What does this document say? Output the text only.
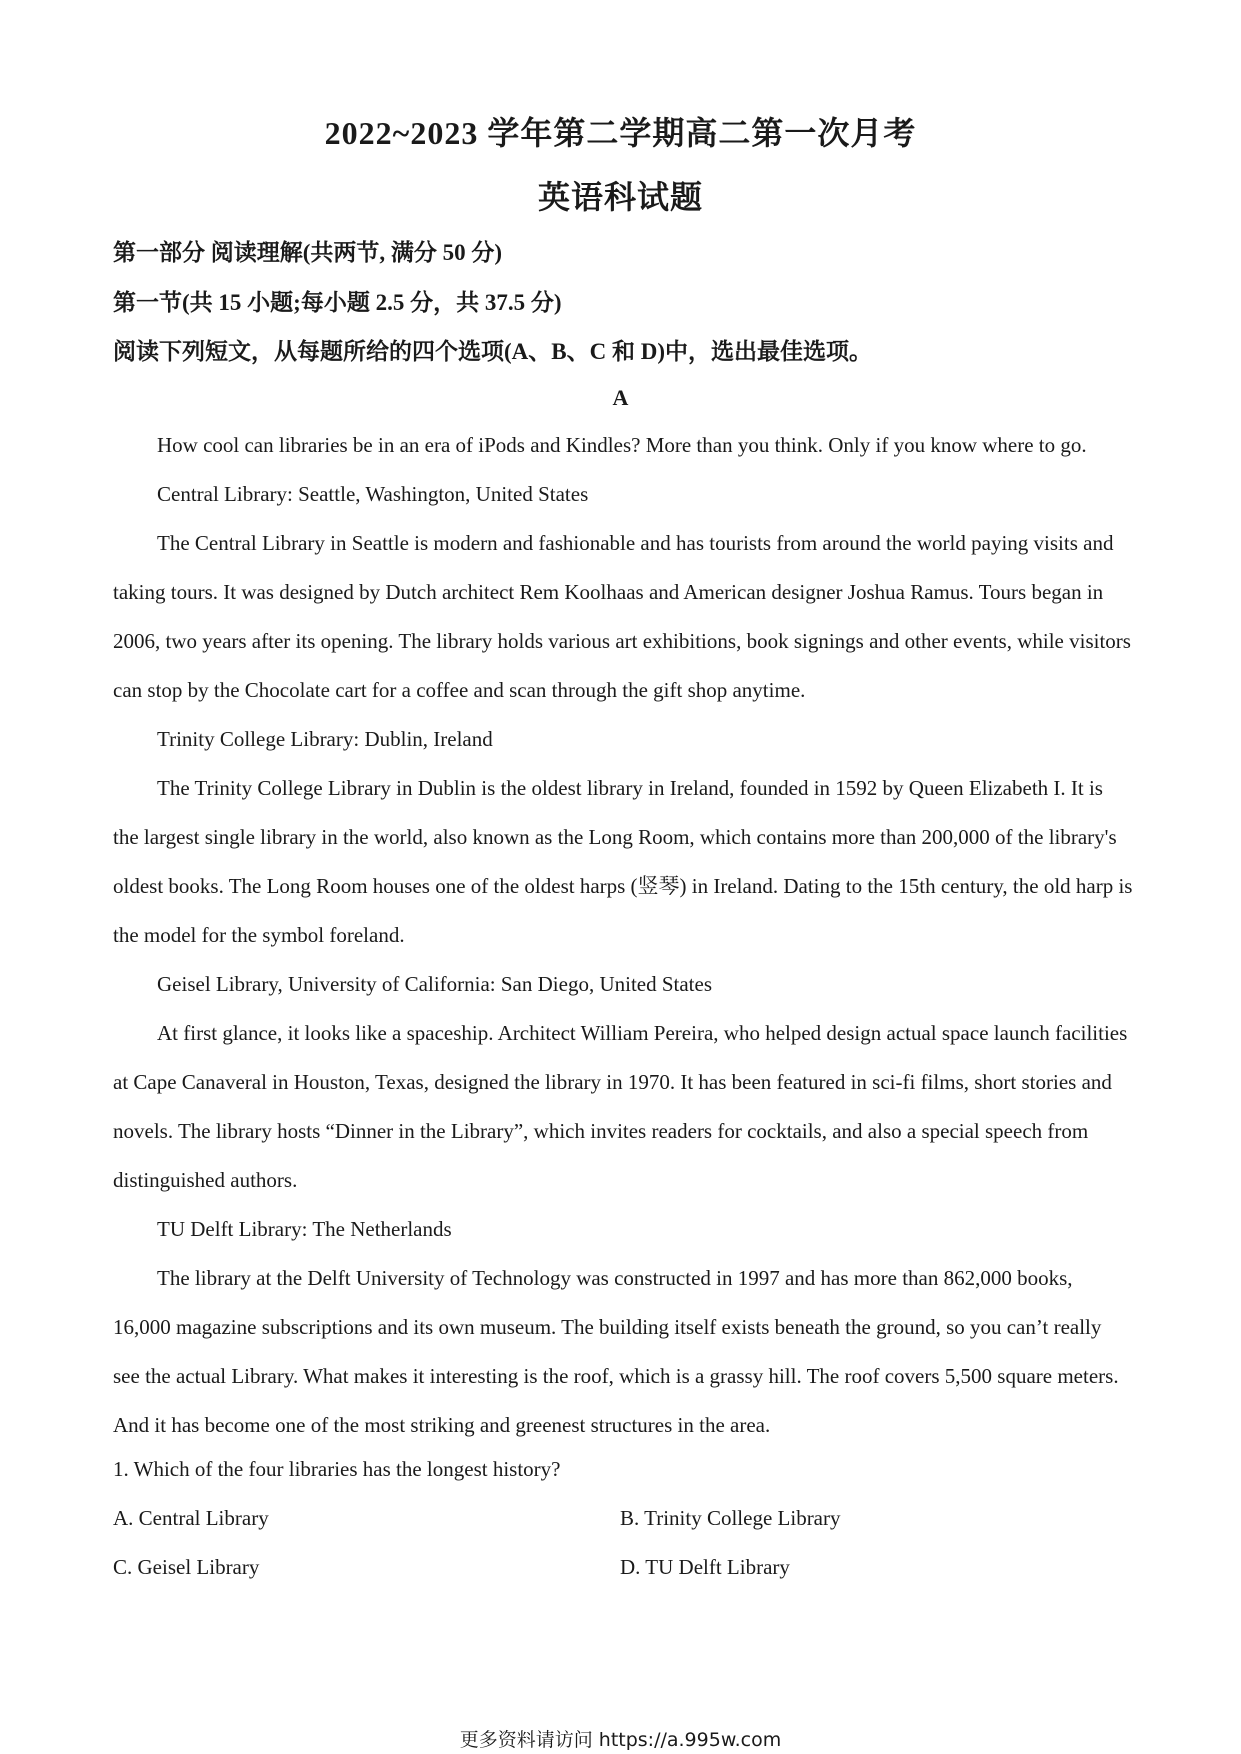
2022~2023 学年第二学期高二第一次月考
英语科试题
第一部分 阅读理解(共两节, 满分 50 分)
第一节(共 15 小题;每小题 2.5 分，共 37.5 分)
阅读下列短文，从每题所给的四个选项(A、B、C 和 D)中，选出最佳选项。
A

How cool can libraries be in an era of iPods and Kindles? More than you think. Only if you know where to go.

Central Library: Seattle, Washington, United States

The Central Library in Seattle is modern and fashionable and has tourists from around the world paying visits and taking tours. It was designed by Dutch architect Rem Koolhaas and American designer Joshua Ramus. Tours began in 2006, two years after its opening. The library holds various art exhibitions, book signings and other events, while visitors can stop by the Chocolate cart for a coffee and scan through the gift shop anytime.

Trinity College Library: Dublin, Ireland

The Trinity College Library in Dublin is the oldest library in Ireland, founded in 1592 by Queen Elizabeth I. It is the largest single library in the world, also known as the Long Room, which contains more than 200,000 of the library's oldest books. The Long Room houses one of the oldest harps (竖琴) in Ireland. Dating to the 15th century, the old harp is the model for the symbol foreland.

Geisel Library, University of California: San Diego, United States

At first glance, it looks like a spaceship. Architect William Pereira, who helped design actual space launch facilities at Cape Canaveral in Houston, Texas, designed the library in 1970. It has been featured in sci-fi films, short stories and novels. The library hosts “Dinner in the Library”, which invites readers for cocktails, and also a special speech from distinguished authors.

TU Delft Library: The Netherlands

The library at the Delft University of Technology was constructed in 1997 and has more than 862,000 books, 16,000 magazine subscriptions and its own museum. The building itself exists beneath the ground, so you can’t really see the actual Library. What makes it interesting is the roof, which is a grassy hill. The roof covers 5,500 square meters. And it has become one of the most striking and greenest structures in the area.

1. Which of the four libraries has the longest history?
A. Central Library	B. Trinity College Library
C. Geisel Library	D. TU Delft Library
更多资料请访问 https://a.995w.com
